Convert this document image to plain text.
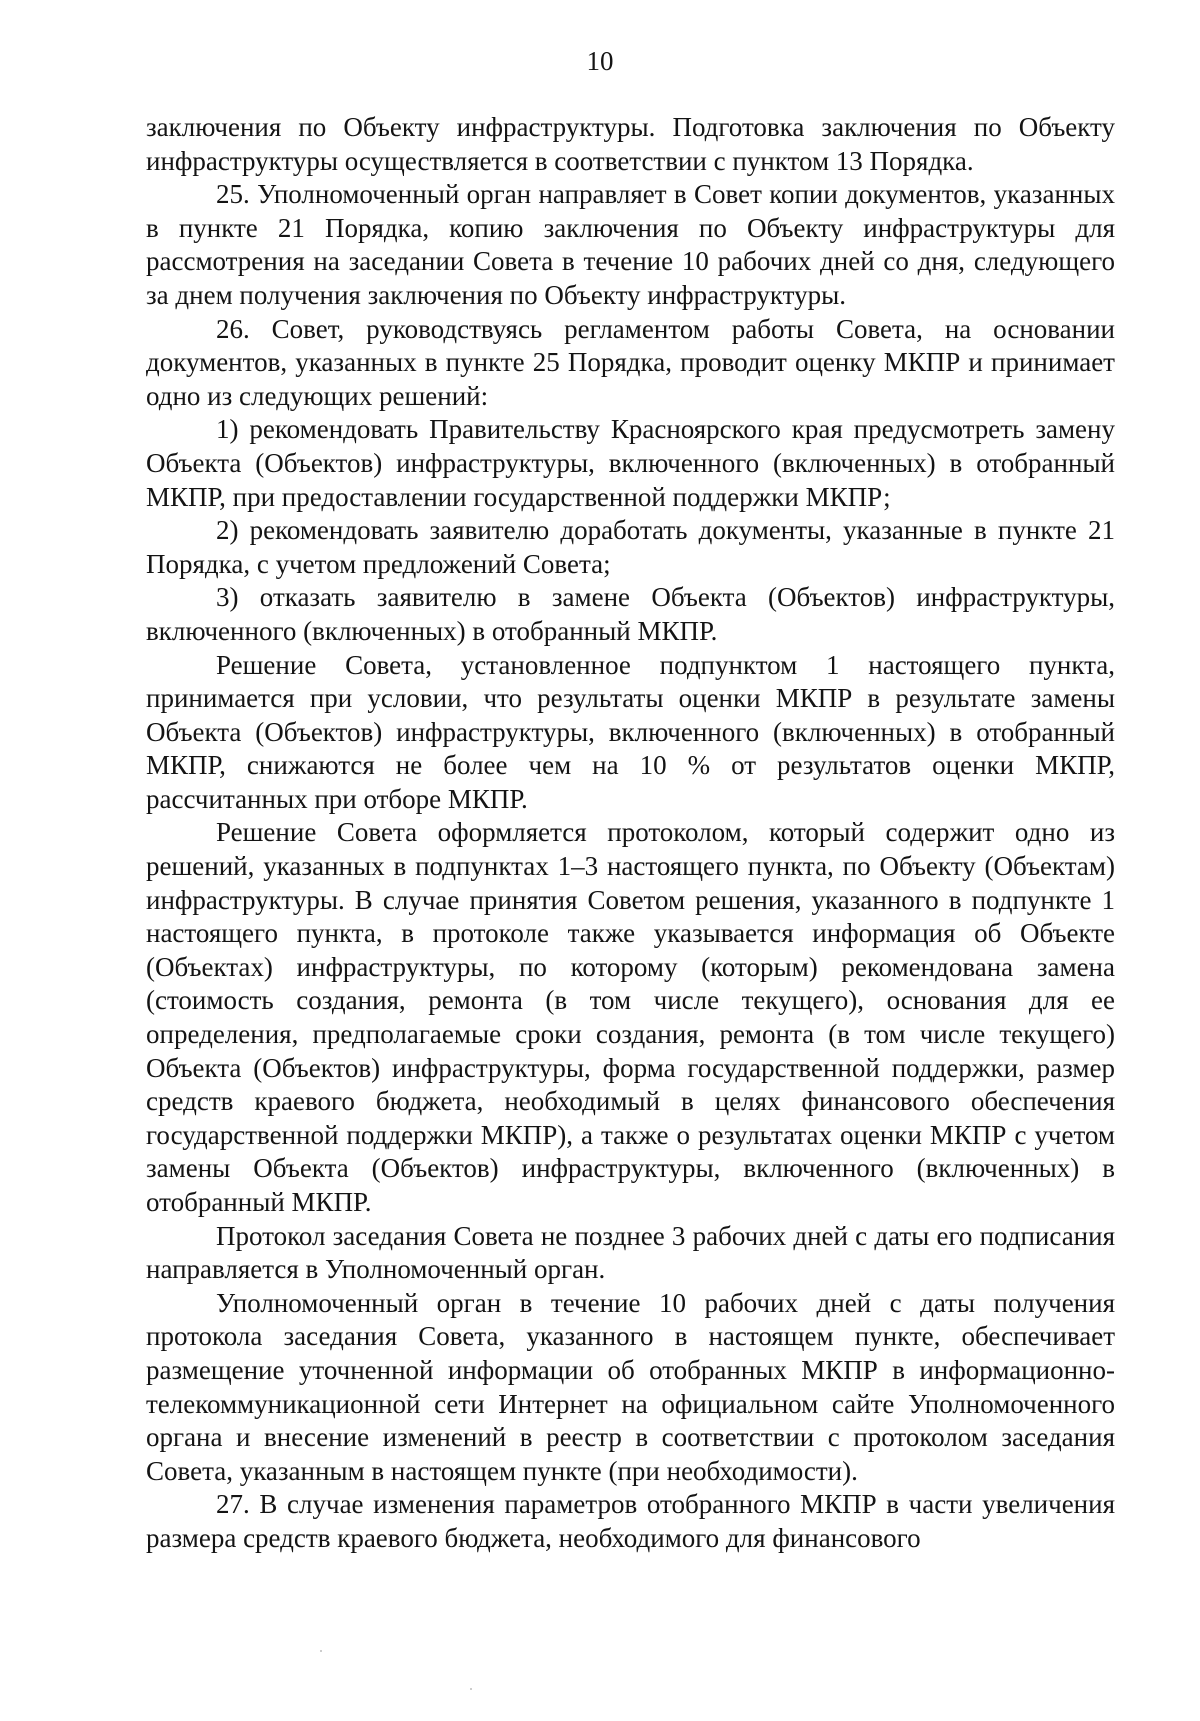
10

заключения по Объекту инфраструктуры. Подготовка заключения по Объекту инфраструктуры осуществляется в соответствии с пунктом 13 Порядка.

25. Уполномоченный орган направляет в Совет копии документов, указанных в пункте 21 Порядка, копию заключения по Объекту инфраструктуры для рассмотрения на заседании Совета в течение 10 рабочих дней со дня, следующего за днем получения заключения по Объекту инфраструктуры.

26. Совет, руководствуясь регламентом работы Совета, на основании документов, указанных в пункте 25 Порядка, проводит оценку МКПР и принимает одно из следующих решений:

1) рекомендовать Правительству Красноярского края предусмотреть замену Объекта (Объектов) инфраструктуры, включенного (включенных) в отобранный МКПР, при предоставлении государственной поддержки МКПР;

2) рекомендовать заявителю доработать документы, указанные в пункте 21 Порядка, с учетом предложений Совета;

3) отказать заявителю в замене Объекта (Объектов) инфраструктуры, включенного (включенных) в отобранный МКПР.

Решение Совета, установленное подпунктом 1 настоящего пункта, принимается при условии, что результаты оценки МКПР в результате замены Объекта (Объектов) инфраструктуры, включенного (включенных) в отобранный МКПР, снижаются не более чем на 10 % от результатов оценки МКПР, рассчитанных при отборе МКПР.

Решение Совета оформляется протоколом, который содержит одно из решений, указанных в подпунктах 1–3 настоящего пункта, по Объекту (Объектам) инфраструктуры. В случае принятия Советом решения, указанного в подпункте 1 настоящего пункта, в протоколе также указывается информация об Объекте (Объектах) инфраструктуры, по которому (которым) рекомендована замена (стоимость создания, ремонта (в том числе текущего), основания для ее определения, предполагаемые сроки создания, ремонта (в том числе текущего) Объекта (Объектов) инфраструктуры, форма государственной поддержки, размер средств краевого бюджета, необходимый в целях финансового обеспечения государственной поддержки МКПР), а также о результатах оценки МКПР с учетом замены Объекта (Объектов) инфраструктуры, включенного (включенных) в отобранный МКПР.

Протокол заседания Совета не позднее 3 рабочих дней с даты его подписания направляется в Уполномоченный орган.

Уполномоченный орган в течение 10 рабочих дней с даты получения протокола заседания Совета, указанного в настоящем пункте, обеспечивает размещение уточненной информации об отобранных МКПР в информационно-телекоммуникационной сети Интернет на официальном сайте Уполномоченного органа и внесение изменений в реестр в соответствии с протоколом заседания Совета, указанным в настоящем пункте (при необходимости).

27. В случае изменения параметров отобранного МКПР в части увеличения размера средств краевого бюджета, необходимого для финансового
